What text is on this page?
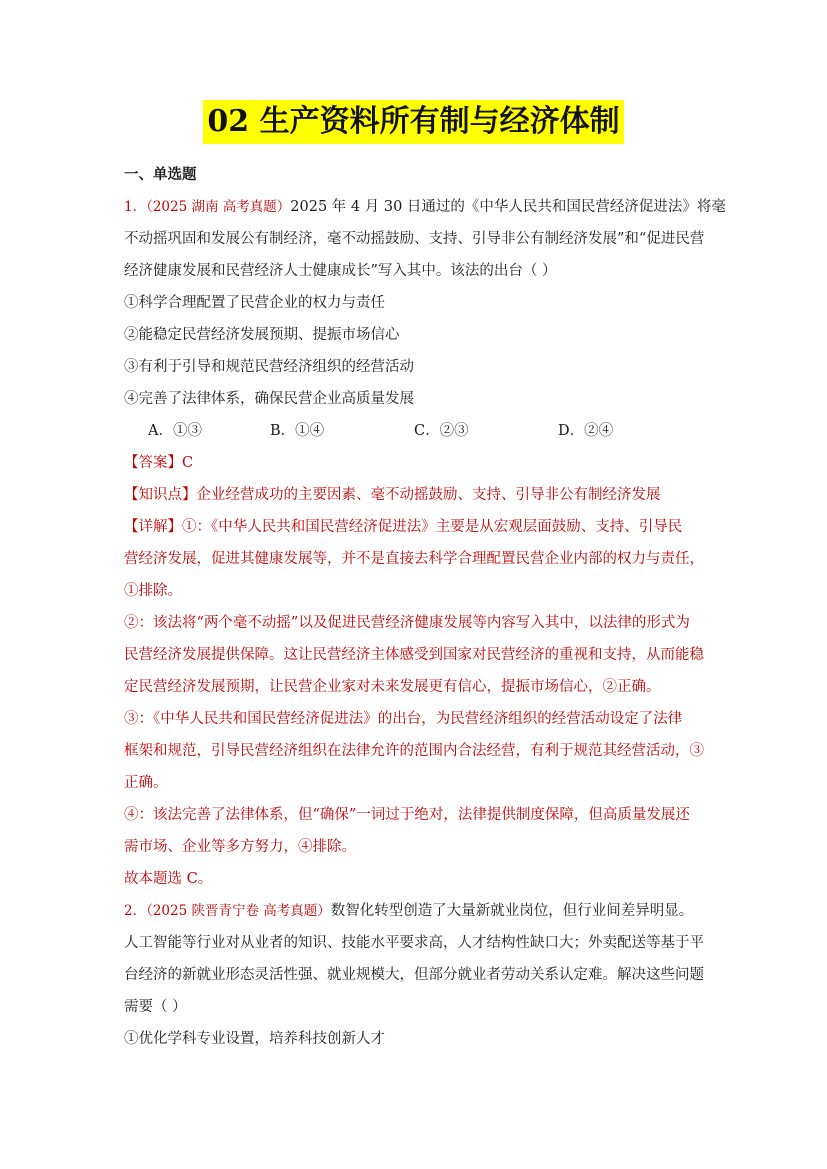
02 生产资料所有制与经济体制
一、单选题
1．（2025 湖南 高考真题）2025 年 4 月 30 日通过的《中华人民共和国民营经济促进法》将毫
不动摇巩固和发展公有制经济，毫不动摇鼓励、支持、引导非公有制经济发展”和“促进民营
经济健康发展和民营经济人士健康成长”写入其中。该法的出台（ ）
①科学合理配置了民营企业的权力与责任
②能稳定民营经济发展预期、提振市场信心
③有利于引导和规范民营经济组织的经营活动
④完善了法律体系，确保民营企业高质量发展
A．①③	B．①④	C．②③	D．②④
【答案】C
【知识点】企业经营成功的主要因素、毫不动摇鼓励、支持、引导非公有制经济发展
【详解】①：《中华人民共和国民营经济促进法》主要是从宏观层面鼓励、支持、引导民
营经济发展，促进其健康发展等，并不是直接去科学合理配置民营企业内部的权力与责任，
①排除。
②：该法将“两个毫不动摇”以及促进民营经济健康发展等内容写入其中，以法律的形式为
民营经济发展提供保障。这让民营经济主体感受到国家对民营经济的重视和支持，从而能稳
定民营经济发展预期，让民营企业家对未来发展更有信心，提振市场信心，②正确。
③：《中华人民共和国民营经济促进法》的出台，为民营经济组织的经营活动设定了法律
框架和规范，引导民营经济组织在法律允许的范围内合法经营，有利于规范其经营活动，③
正确。
④：该法完善了法律体系，但“确保”一词过于绝对，法律提供制度保障，但高质量发展还
需市场、企业等多方努力，④排除。
故本题选 C。
2．（2025 陕晋青宁卷 高考真题）数智化转型创造了大量新就业岗位，但行业间差异明显。
人工智能等行业对从业者的知识、技能水平要求高，人才结构性缺口大；外卖配送等基于平
台经济的新就业形态灵活性强、就业规模大，但部分就业者劳动关系认定难。解决这些问题
需要（ ）
①优化学科专业设置，培养科技创新人才
